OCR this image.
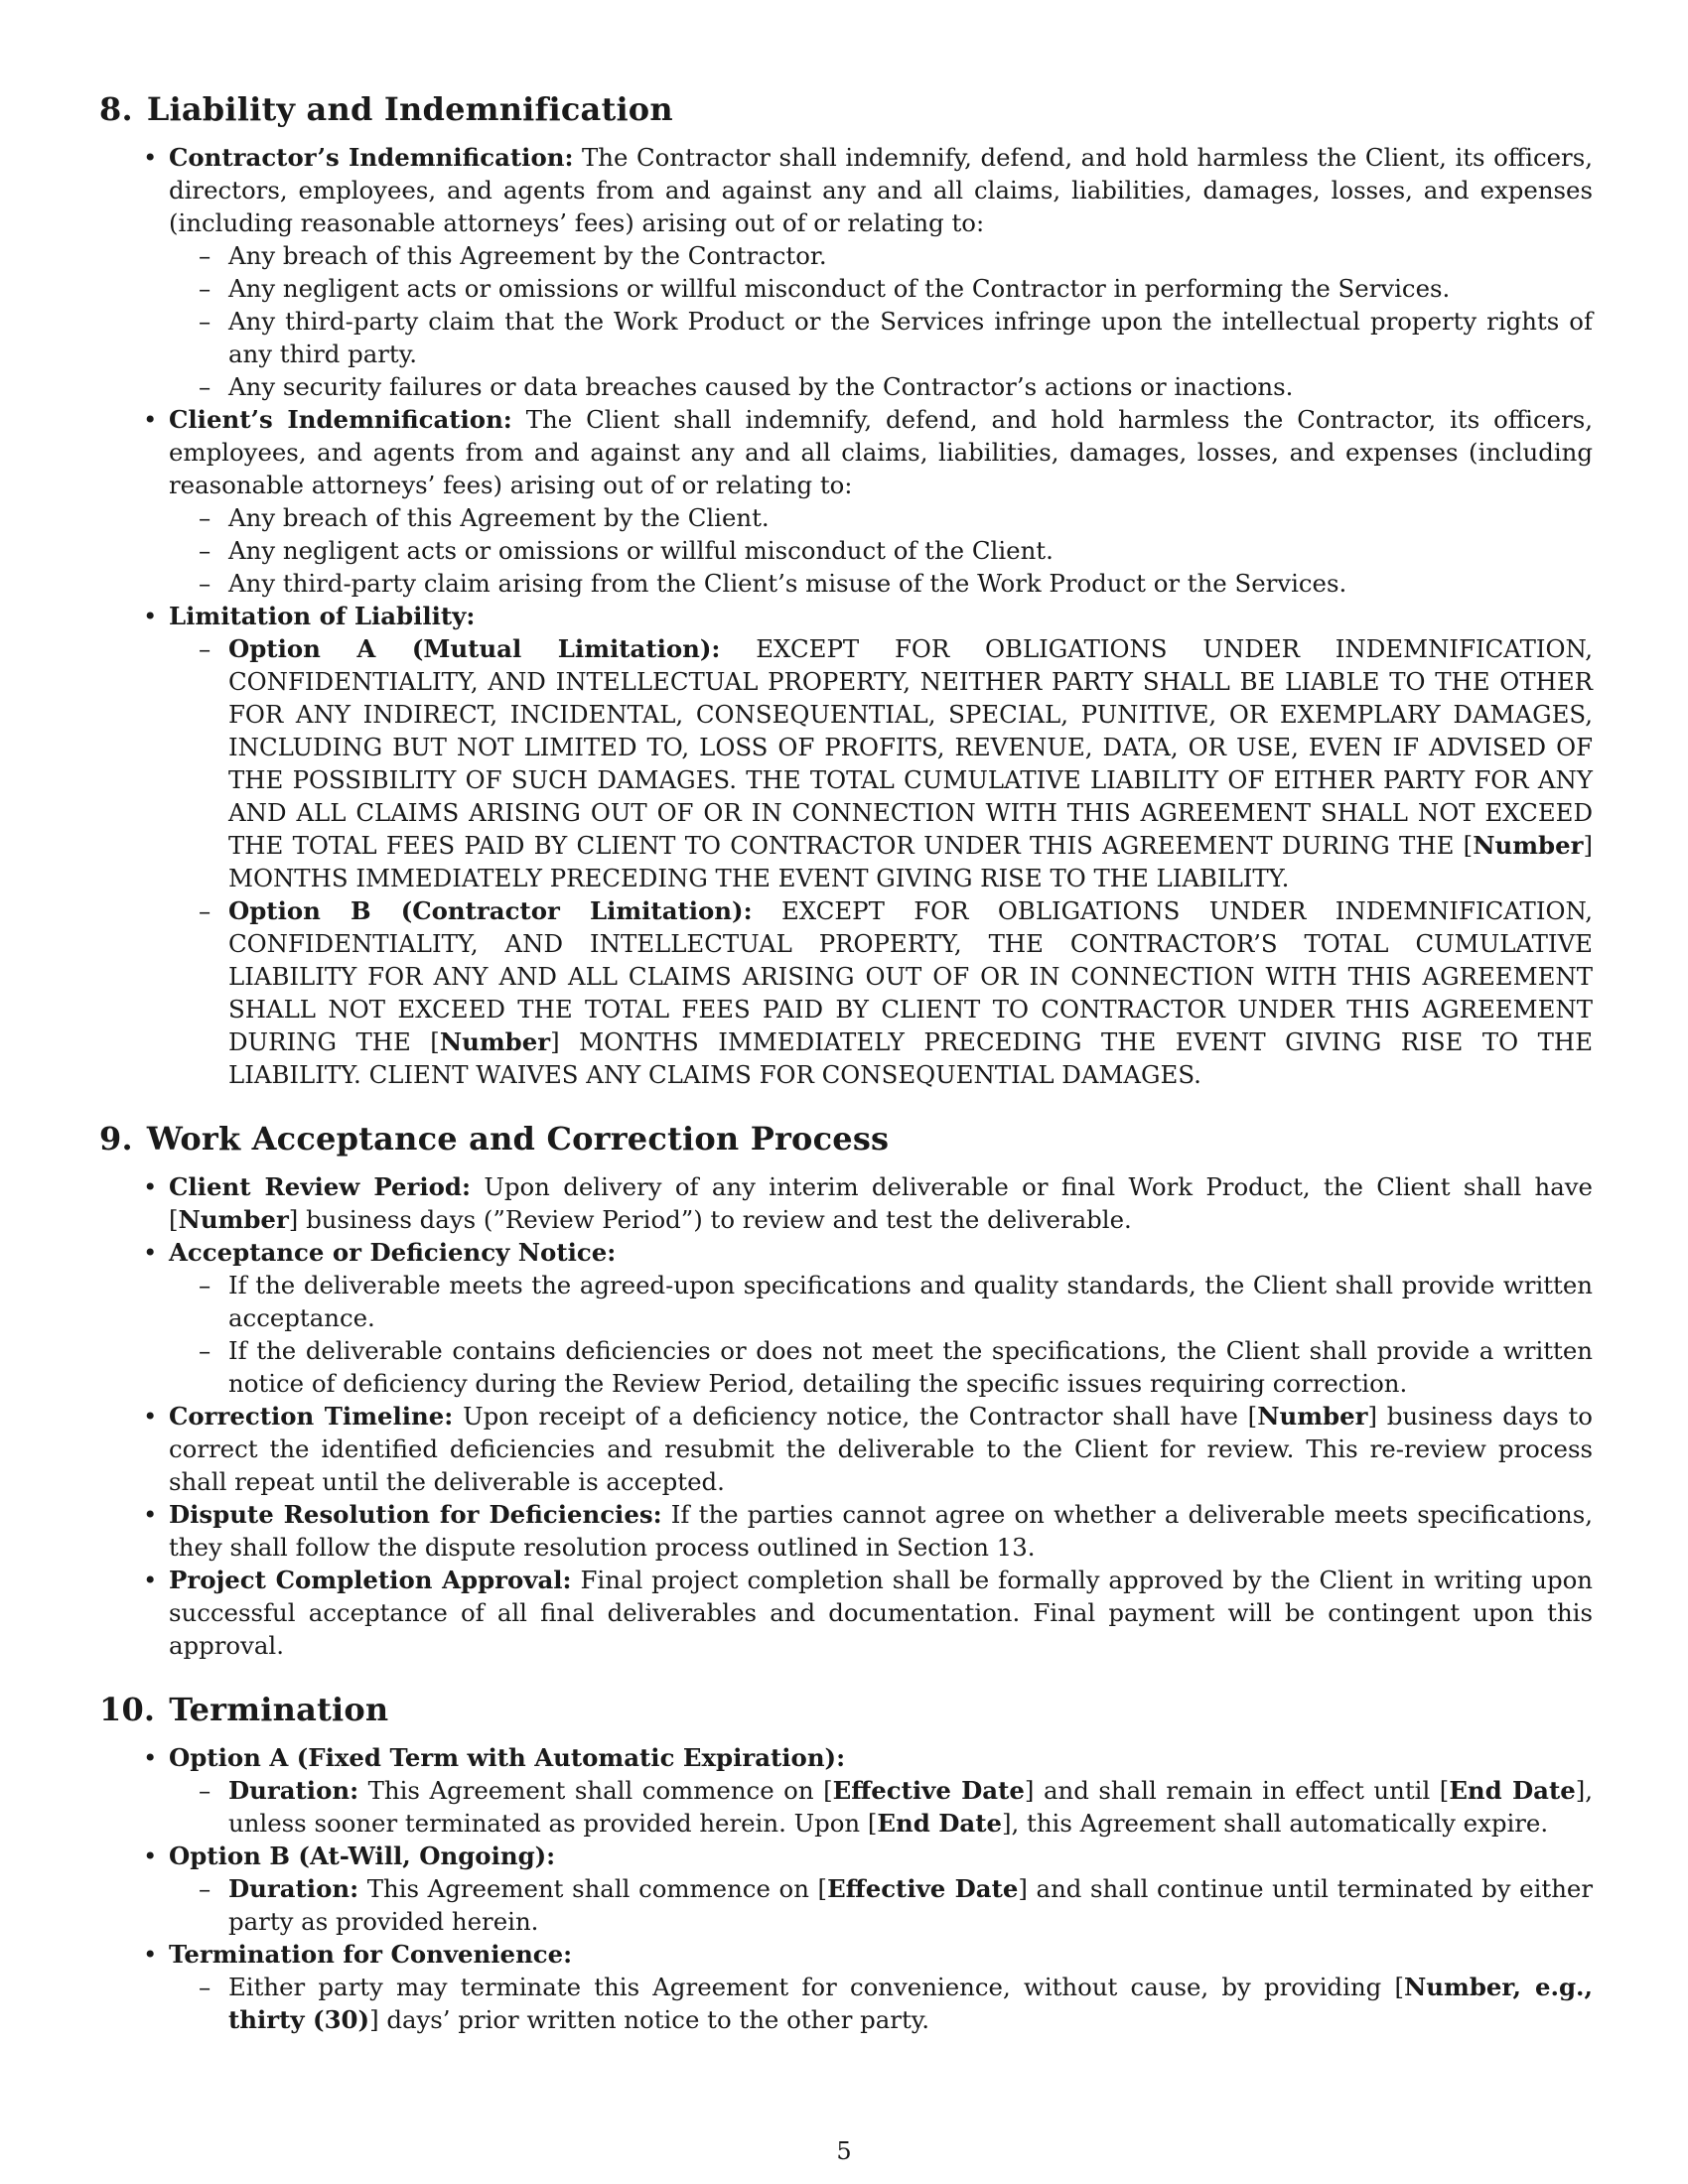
8. Liability and Indemnification
• Contractor’s Indemnification: The Contractor shall indemnify, defend, and hold harmless the Client, its officers, directors, employees, and agents from and against any and all claims, liabilities, damages, losses, and expenses (including reasonable attorneys’ fees) arising out of or relating to:
– Any breach of this Agreement by the Contractor.
– Any negligent acts or omissions or willful misconduct of the Contractor in performing the Services.
– Any third-party claim that the Work Product or the Services infringe upon the intellectual property rights of any third party.
– Any security failures or data breaches caused by the Contractor’s actions or inactions.
• Client’s Indemnification: The Client shall indemnify, defend, and hold harmless the Contractor, its officers, employees, and agents from and against any and all claims, liabilities, damages, losses, and expenses (including reasonable attorneys’ fees) arising out of or relating to:
– Any breach of this Agreement by the Client.
– Any negligent acts or omissions or willful misconduct of the Client.
– Any third-party claim arising from the Client’s misuse of the Work Product or the Services.
• Limitation of Liability:
– Option A (Mutual Limitation): EXCEPT FOR OBLIGATIONS UNDER INDEMNIFICATION, CONFIDENTIALITY, AND INTELLECTUAL PROPERTY, NEITHER PARTY SHALL BE LIABLE TO THE OTHER FOR ANY INDIRECT, INCIDENTAL, CONSEQUENTIAL, SPECIAL, PUNITIVE, OR EXEMPLARY DAMAGES, INCLUDING BUT NOT LIMITED TO, LOSS OF PROFITS, REVENUE, DATA, OR USE, EVEN IF ADVISED OF THE POSSIBILITY OF SUCH DAMAGES. THE TOTAL CUMULATIVE LIABILITY OF EITHER PARTY FOR ANY AND ALL CLAIMS ARISING OUT OF OR IN CONNECTION WITH THIS AGREEMENT SHALL NOT EXCEED THE TOTAL FEES PAID BY CLIENT TO CONTRACTOR UNDER THIS AGREEMENT DURING THE [Number] MONTHS IMMEDIATELY PRECEDING THE EVENT GIVING RISE TO THE LIABILITY.
– Option B (Contractor Limitation): EXCEPT FOR OBLIGATIONS UNDER INDEMNIFICATION, CONFIDENTIALITY, AND INTELLECTUAL PROPERTY, THE CONTRACTOR’S TOTAL CUMULATIVE LIABILITY FOR ANY AND ALL CLAIMS ARISING OUT OF OR IN CONNECTION WITH THIS AGREEMENT SHALL NOT EXCEED THE TOTAL FEES PAID BY CLIENT TO CONTRACTOR UNDER THIS AGREEMENT DURING THE [Number] MONTHS IMMEDIATELY PRECEDING THE EVENT GIVING RISE TO THE LIABILITY. CLIENT WAIVES ANY CLAIMS FOR CONSEQUENTIAL DAMAGES.
9. Work Acceptance and Correction Process
• Client Review Period: Upon delivery of any interim deliverable or final Work Product, the Client shall have [Number] business days (”Review Period”) to review and test the deliverable.
• Acceptance or Deficiency Notice:
– If the deliverable meets the agreed-upon specifications and quality standards, the Client shall provide written acceptance.
– If the deliverable contains deficiencies or does not meet the specifications, the Client shall provide a written notice of deficiency during the Review Period, detailing the specific issues requiring correction.
• Correction Timeline: Upon receipt of a deficiency notice, the Contractor shall have [Number] business days to correct the identified deficiencies and resubmit the deliverable to the Client for review. This re-review process shall repeat until the deliverable is accepted.
• Dispute Resolution for Deficiencies: If the parties cannot agree on whether a deliverable meets specifications, they shall follow the dispute resolution process outlined in Section 13.
• Project Completion Approval: Final project completion shall be formally approved by the Client in writing upon successful acceptance of all final deliverables and documentation. Final payment will be contingent upon this approval.
10. Termination
• Option A (Fixed Term with Automatic Expiration):
– Duration: This Agreement shall commence on [Effective Date] and shall remain in effect until [End Date], unless sooner terminated as provided herein. Upon [End Date], this Agreement shall automatically expire.
• Option B (At-Will, Ongoing):
– Duration: This Agreement shall commence on [Effective Date] and shall continue until terminated by either party as provided herein.
• Termination for Convenience:
– Either party may terminate this Agreement for convenience, without cause, by providing [Number, e.g., thirty (30)] days’ prior written notice to the other party.
5
